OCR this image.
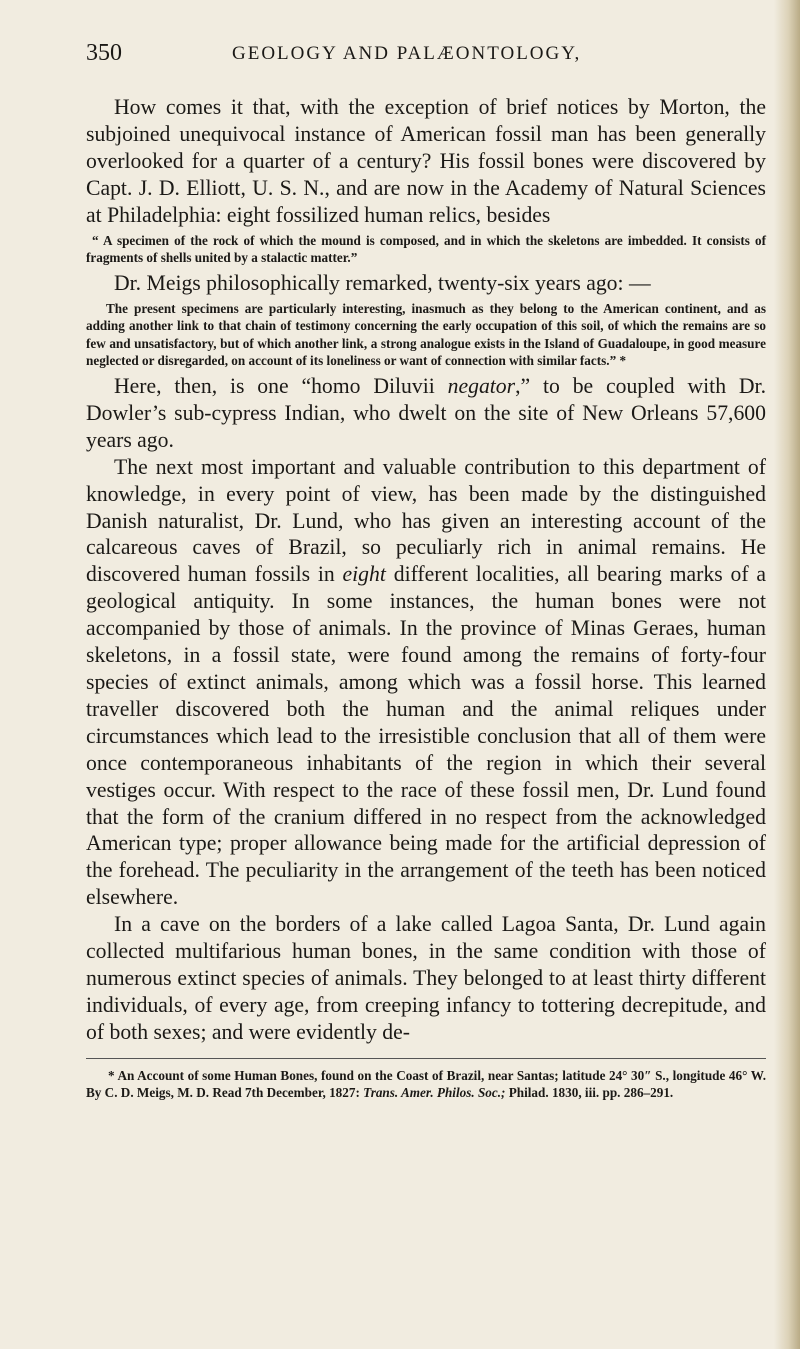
350	GEOLOGY AND PALÆONTOLOGY,

How comes it that, with the exception of brief notices by Morton, the subjoined unequivocal instance of American fossil man has been generally overlooked for a quarter of a century? His fossil bones were discovered by Capt. J. D. Elliott, U. S. N., and are now in the Academy of Natural Sciences at Philadelphia: eight fossilized human relics, besides

“ A specimen of the rock of which the mound is composed, and in which the skeletons are imbedded. It consists of fragments of shells united by a stalactic matter.”

Dr. Meigs philosophically remarked, twenty-six years ago: —

The present specimens are particularly interesting, inasmuch as they belong to the American continent, and as adding another link to that chain of testimony concerning the early occupation of this soil, of which the remains are so few and unsatisfactory, but of which another link, a strong analogue exists in the Island of Guadaloupe, in good measure neglected or disregarded, on account of its loneliness or want of connection with similar facts.” *

Here, then, is one “homo Diluvii negator,” to be coupled with Dr. Dowler’s sub-cypress Indian, who dwelt on the site of New Orleans 57,600 years ago.

The next most important and valuable contribution to this department of knowledge, in every point of view, has been made by the distinguished Danish naturalist, Dr. Lund, who has given an interesting account of the calcareous caves of Brazil, so peculiarly rich in animal remains. He discovered human fossils in eight different localities, all bearing marks of a geological antiquity. In some instances, the human bones were not accompanied by those of animals. In the province of Minas Geraes, human skeletons, in a fossil state, were found among the remains of forty-four species of extinct animals, among which was a fossil horse. This learned traveller discovered both the human and the animal reliques under circumstances which lead to the irresistible conclusion that all of them were once contemporaneous inhabitants of the region in which their several vestiges occur. With respect to the race of these fossil men, Dr. Lund found that the form of the cranium differed in no respect from the acknowledged American type; proper allowance being made for the artificial depression of the forehead. The peculiarity in the arrangement of the teeth has been noticed elsewhere.

In a cave on the borders of a lake called Lagoa Santa, Dr. Lund again collected multifarious human bones, in the same condition with those of numerous extinct species of animals. They belonged to at least thirty different individuals, of every age, from creeping infancy to tottering decrepitude, and of both sexes; and were evidently de-

* An Account of some Human Bones, found on the Coast of Brazil, near Santas; latitude 24° 30″ S., longitude 46° W. By C. D. Meigs, M. D. Read 7th December, 1827: Trans. Amer. Philos. Soc.; Philad. 1830, iii. pp. 286–291.
